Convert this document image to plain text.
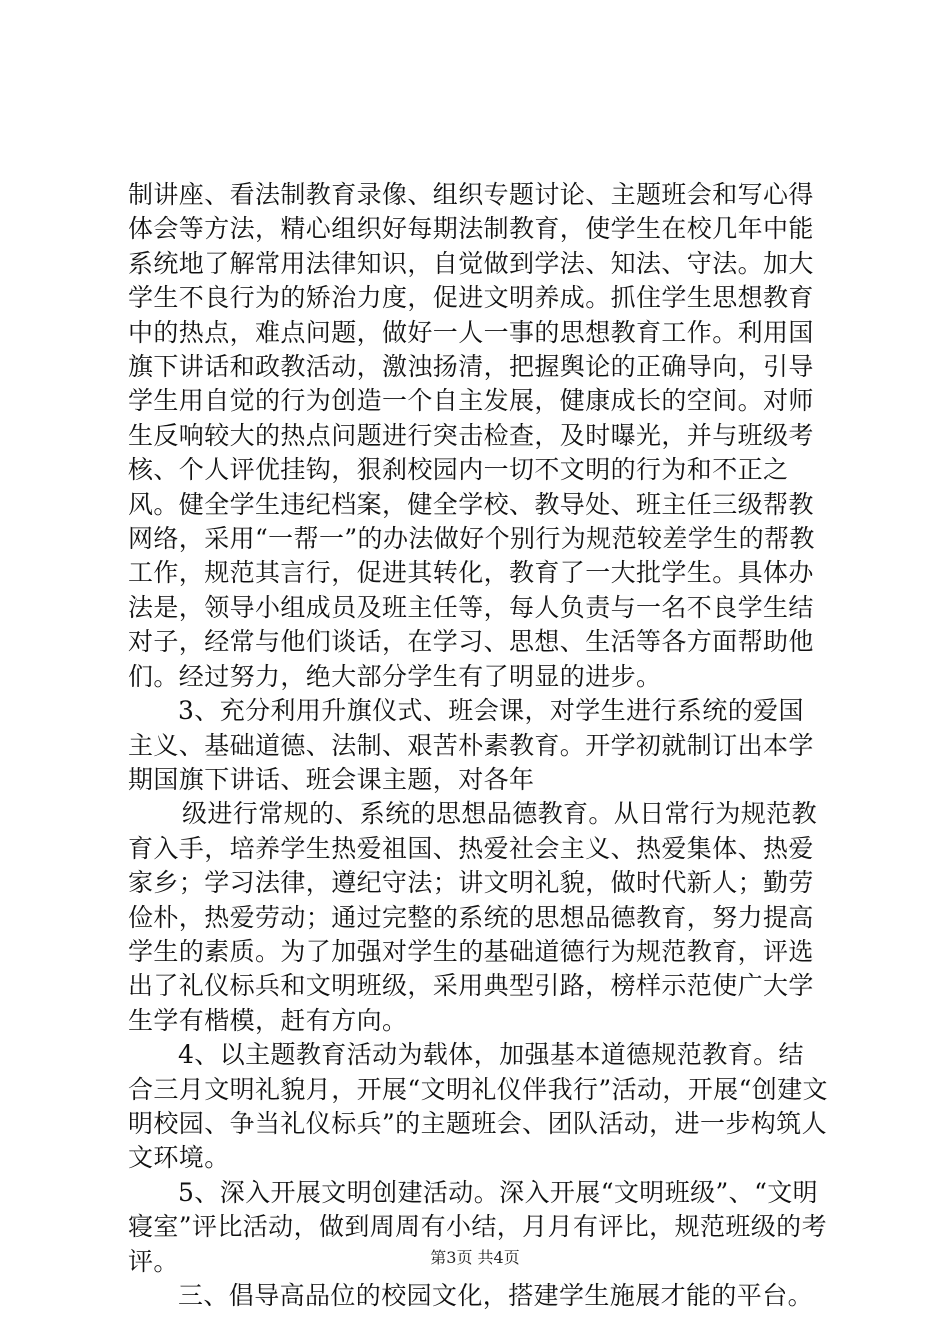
制讲座、看法制教育录像、组织专题讨论、主题班会和写心得体会等方法，精心组织好每期法制教育，使学生在校几年中能系统地了解常用法律知识，自觉做到学法、知法、守法。加大学生不良行为的矫治力度，促进文明养成。抓住学生思想教育中的热点，难点问题，做好一人一事的思想教育工作。利用国旗下讲话和政教活动，激浊扬清，把握舆论的正确导向，引导学生用自觉的行为创造一个自主发展，健康成长的空间。对师生反响较大的热点问题进行突击检查，及时曝光，并与班级考核、个人评优挂钩，狠刹校园内一切不文明的行为和不正之风。健全学生违纪档案，健全学校、教导处、班主任三级帮教网络，采用“一帮一”的办法做好个别行为规范较差学生的帮教工作，规范其言行，促进其转化，教育了一大批学生。具体办法是，领导小组成员及班主任等，每人负责与一名不良学生结对子，经常与他们谈话，在学习、思想、生活等各方面帮助他们。经过努力，绝大部分学生有了明显的进步。

3、充分利用升旗仪式、班会课，对学生进行系统的爱国主义、基础道德、法制、艰苦朴素教育。开学初就制订出本学期国旗下讲话、班会课主题，对各年

级进行常规的、系统的思想品德教育。从日常行为规范教育入手，培养学生热爱祖国、热爱社会主义、热爱集体、热爱家乡；学习法律，遵纪守法；讲文明礼貌，做时代新人；勤劳俭朴，热爱劳动；通过完整的系统的思想品德教育，努力提高学生的素质。为了加强对学生的基础道德行为规范教育，评选出了礼仪标兵和文明班级，采用典型引路，榜样示范使广大学生学有楷模，赶有方向。

4、以主题教育活动为载体，加强基本道德规范教育。结合三月文明礼貌月，开展“文明礼仪伴我行”活动，开展“创建文明校园、争当礼仪标兵”的主题班会、团队活动，进一步构筑人文环境。

5、深入开展文明创建活动。深入开展“文明班级”、“文明寝室”评比活动，做到周周有小结，月月有评比，规范班级的考评。

三、倡导高品位的校园文化，搭建学生施展才能的平台。

第3页 共4页
